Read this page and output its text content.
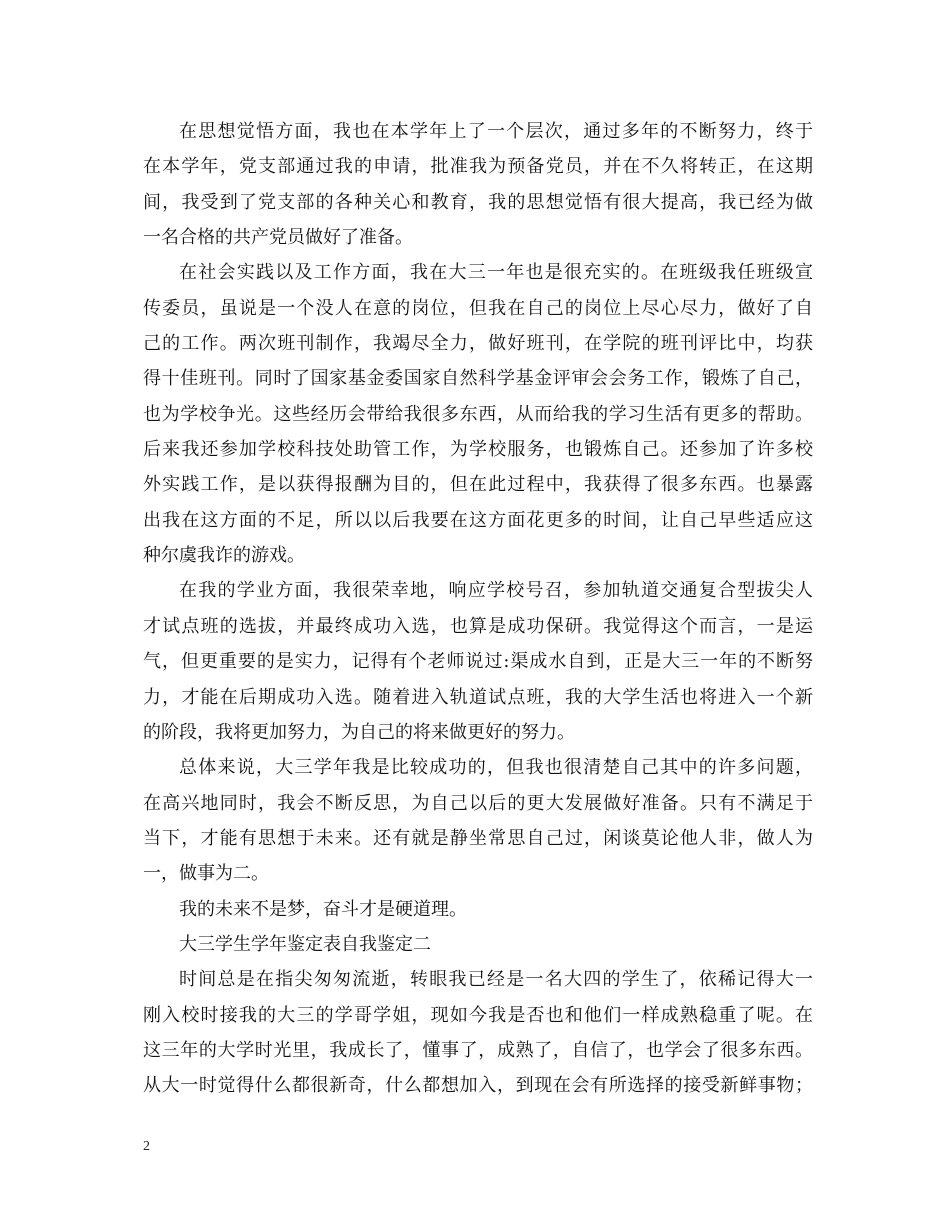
在思想觉悟方面，我也在本学年上了一个层次，通过多年的不断努力，终于
在本学年，党支部通过我的申请，批准我为预备党员，并在不久将转正，在这期
间，我受到了党支部的各种关心和教育，我的思想觉悟有很大提高，我已经为做
一名合格的共产党员做好了准备。
在社会实践以及工作方面，我在大三一年也是很充实的。在班级我任班级宣
传委员，虽说是一个没人在意的岗位，但我在自己的岗位上尽心尽力，做好了自
己的工作。两次班刊制作，我竭尽全力，做好班刊，在学院的班刊评比中，均获
得十佳班刊。同时了国家基金委国家自然科学基金评审会会务工作，锻炼了自己，
也为学校争光。这些经历会带给我很多东西，从而给我的学习生活有更多的帮助。
后来我还参加学校科技处助管工作，为学校服务，也锻炼自己。还参加了许多校
外实践工作，是以获得报酬为目的，但在此过程中，我获得了很多东西。也暴露
出我在这方面的不足，所以以后我要在这方面花更多的时间，让自己早些适应这
种尔虞我诈的游戏。
在我的学业方面，我很荣幸地，响应学校号召，参加轨道交通复合型拔尖人
才试点班的选拔，并最终成功入选，也算是成功保研。我觉得这个而言，一是运
气，但更重要的是实力，记得有个老师说过:渠成水自到，正是大三一年的不断努
力，才能在后期成功入选。随着进入轨道试点班，我的大学生活也将进入一个新
的阶段，我将更加努力，为自己的将来做更好的努力。
总体来说，大三学年我是比较成功的，但我也很清楚自己其中的许多问题，
在高兴地同时，我会不断反思，为自己以后的更大发展做好准备。只有不满足于
当下，才能有思想于未来。还有就是静坐常思自己过，闲谈莫论他人非，做人为
一，做事为二。
我的未来不是梦，奋斗才是硬道理。
大三学生学年鉴定表自我鉴定二
时间总是在指尖匆匆流逝，转眼我已经是一名大四的学生了，依稀记得大一
刚入校时接我的大三的学哥学姐，现如今我是否也和他们一样成熟稳重了呢。在
这三年的大学时光里，我成长了，懂事了，成熟了，自信了，也学会了很多东西。
从大一时觉得什么都很新奇，什么都想加入，到现在会有所选择的接受新鲜事物；
2
